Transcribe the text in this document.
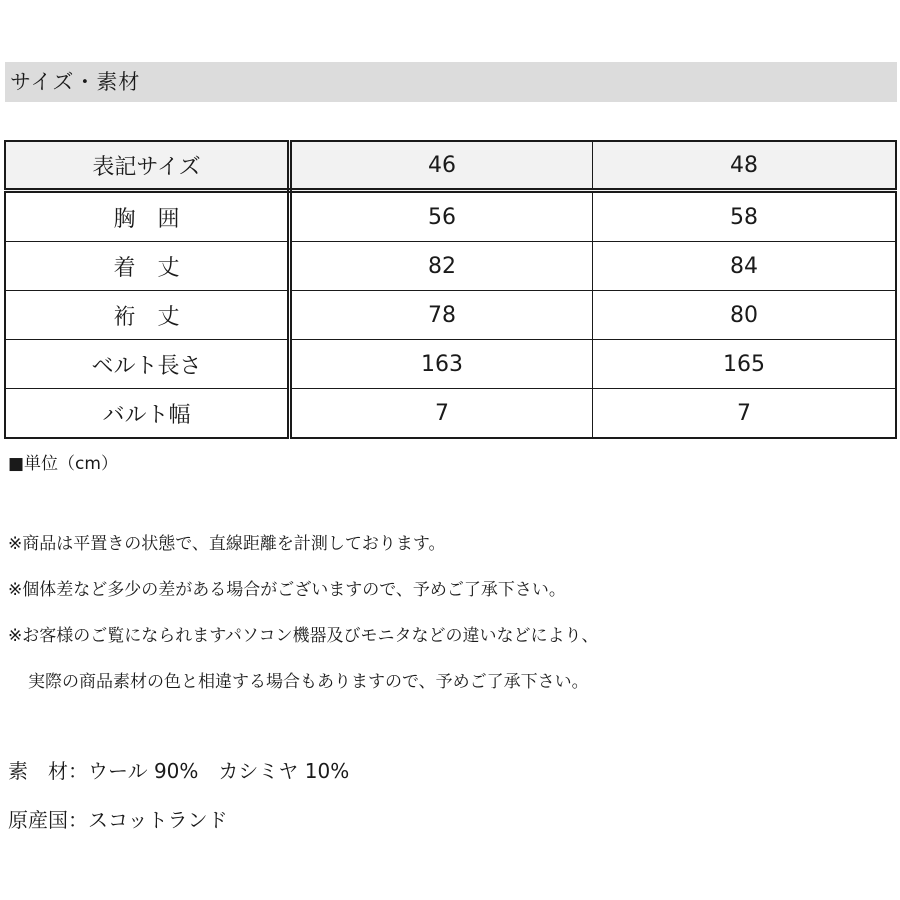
サイズ・素材
表記サイズ	46	48
胸囲	56	58
着丈	82	84
裄丈	78	80
ベルト長さ	163	165
バルト幅	7	7
■単位（cm）
※商品は平置きの状態で、直線距離を計測しております。
※個体差など多少の差がある場合がございますので、予めご了承下さい。
※お客様のご覧になられますパソコン機器及びモニタなどの違いなどにより、
実際の商品素材の色と相違する場合もありますので、予めご了承下さい。
素　材：ウール 90%　カシミヤ 10%
原産国：スコットランド
